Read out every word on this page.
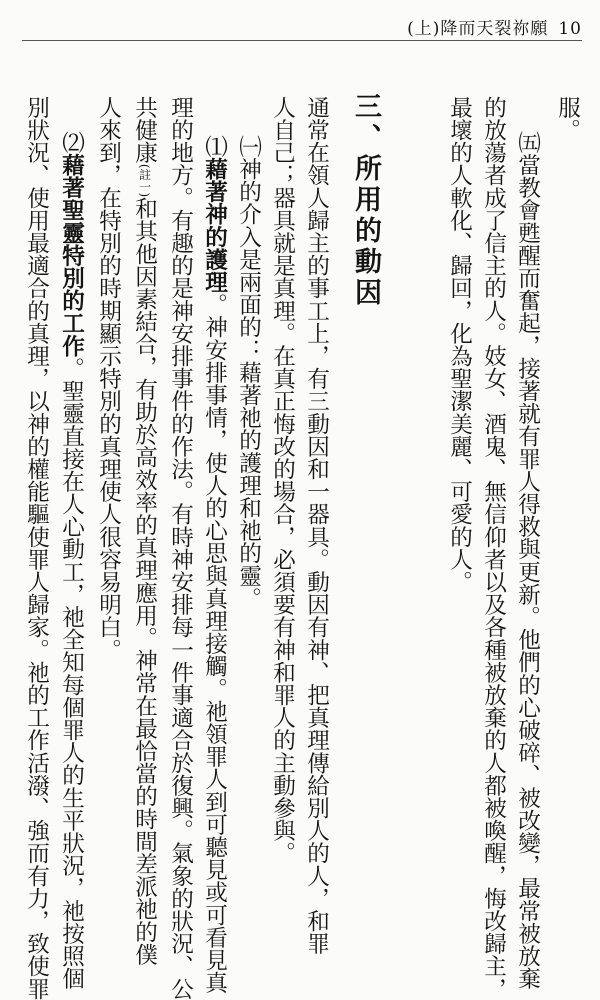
(上)降而天裂祢願 10
三、所用的動因	服。
㈤當教會甦醒而奮起，接著就有罪人得救與更新。他們的心破碎、被改變，最常被放棄
的放蕩者成了信主的人。妓女、酒鬼、無信仰者以及各種被放棄的人都被喚醒，悔改歸主，
最壞的人軟化、歸回，化為聖潔美麗、可愛的人。
通常在領人歸主的事工上，有三動因和一器具。動因有神、把真理傳給別人的人，和罪
人自己；器具就是真理。在真正悔改的場合，必須要有神和罪人的主動參與。
㈠神的介入是兩面的：藉著祂的護理和祂的靈。
⑴藉著神的護理。神安排事情，使人的心思與真理接觸。祂領罪人到可聽見或可看見真
理的地方。有趣的是神安排事件的作法。有時神安排每一件事適合於復興。氣象的狀況、公
共健康(註一)和其他因素結合，有助於高效率的真理應用。神常在最恰當的時間差派祂的僕
人來到，在特別的時期顯示特別的真理使人很容易明白。
⑵藉著聖靈特別的工作。聖靈直接在人心動工，祂全知每個罪人的生平狀況，祂按照個
別狀況、使用最適合的真理，以神的權能驅使罪人歸家。祂的工作活潑、強而有力，致使罪
